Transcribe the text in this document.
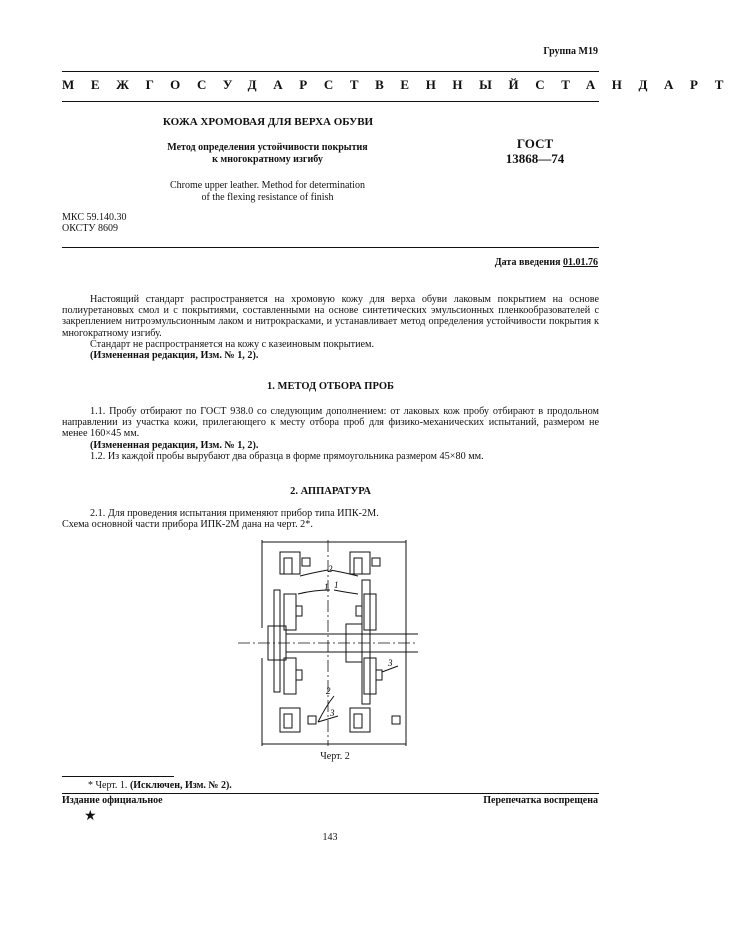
Группа М19
МЕЖГОСУДАРСТВЕННЫЙ СТАНДАРТ
КОЖА ХРОМОВАЯ ДЛЯ ВЕРХА ОБУВИ
Метод определения устойчивости покрытия
к многократному изгибу
Chrome upper leather. Method for determination
of the flexing resistance of finish
ГОСТ
13868—74
МКС 59.140.30
ОКСТУ 8609
Дата введения 01.01.76

Настоящий стандарт распространяется на хромовую кожу для верха обуви лаковым покрытием на основе полиуретановых смол и с покрытиями, составленными на основе синтетических эмульсионных пленкообразователей с закреплением нитроэмульсионным лаком и нитрокрасками, и устанавливает метод определения устойчивости покрытия к многократному изгибу.

Стандарт не распространяется на кожу с казеиновым покрытием.

(Измененная редакция, Изм. № 1, 2).

1. МЕТОД ОТБОРА ПРОБ

1.1. Пробу отбирают по ГОСТ 938.0 со следующим дополнением: от лаковых кож пробу отбирают в продольном направлении из участка кожи, прилегающего к месту отбора проб для физико-механических испытаний, размером не менее 160×45 мм.

(Измененная редакция, Изм. № 1, 2).

1.2. Из каждой пробы вырубают два образца в форме прямоугольника размером 45×80 мм.

2. АППАРАТУРА

2.1. Для проведения испытания применяют прибор типа ИПК-2М.

Схема основной части прибора ИПК-2М дана на черт. 2*.

2
1 1
3
2
3
Черт. 2
* Черт. 1. (Исключен, Изм. № 2).
Издание официальное	Перепечатка воспрещена
★
143
